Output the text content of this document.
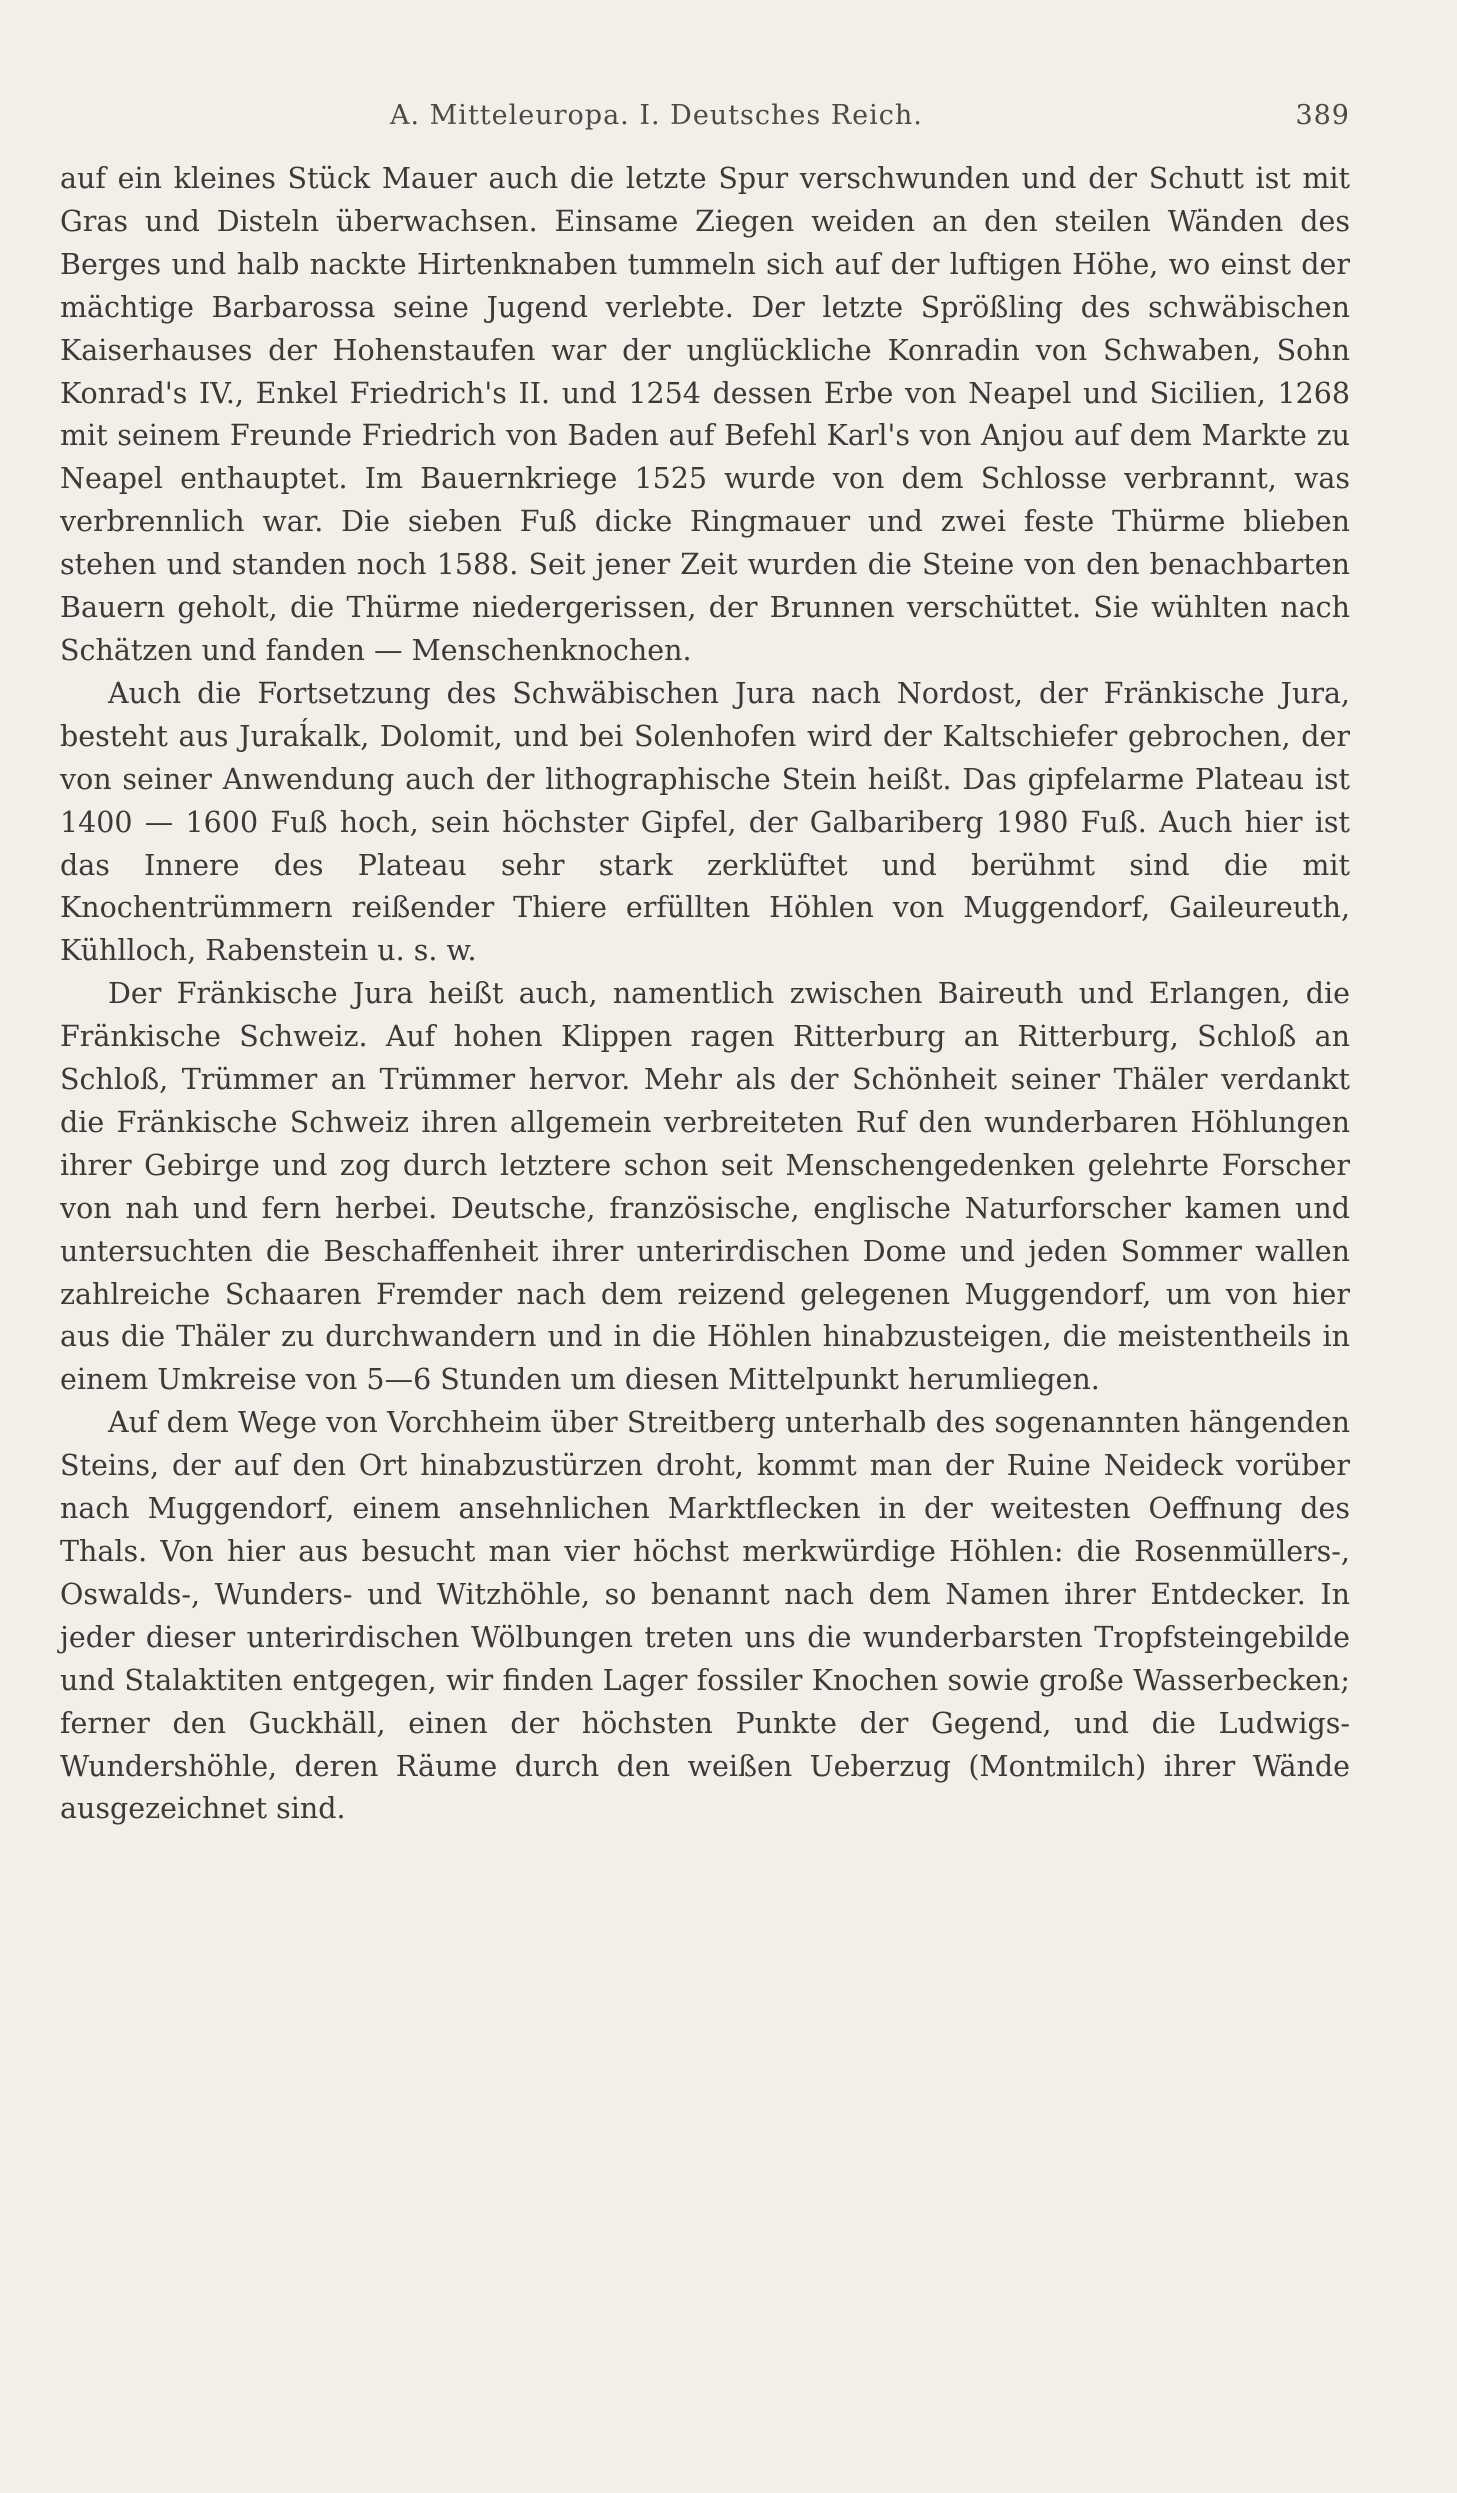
A. Mitteleuropa. I. Deutsches Reich.	389

auf ein kleines Stück Mauer auch die letzte Spur verschwunden und der Schutt ist mit Gras und Disteln überwachsen. Einsame Ziegen weiden an den steilen Wänden des Berges und halb nackte Hirtenknaben tummeln sich auf der luftigen Höhe, wo einst der mächtige Barbarossa seine Jugend verlebte. Der letzte Sprößling des schwäbischen Kaiserhauses der Hohenstaufen war der unglückliche Konradin von Schwaben, Sohn Konrad's IV., Enkel Friedrich's II. und 1254 dessen Erbe von Neapel und Sicilien, 1268 mit seinem Freunde Friedrich von Baden auf Befehl Karl's von Anjou auf dem Markte zu Neapel enthauptet. Im Bauernkriege 1525 wurde von dem Schlosse verbrannt, was verbrennlich war. Die sieben Fuß dicke Ringmauer und zwei feste Thürme blieben stehen und standen noch 1588. Seit jener Zeit wurden die Steine von den benachbarten Bauern geholt, die Thürme niedergerissen, der Brunnen verschüttet. Sie wühlten nach Schätzen und fanden — Menschenknochen.

Auch die Fortsetzung des Schwäbischen Jura nach Nordost, der Fränkische Jura, besteht aus Juraḱalk, Dolomit, und bei Solenhofen wird der Kaltschiefer gebrochen, der von seiner Anwendung auch der lithographische Stein heißt. Das gipfelarme Plateau ist 1400 — 1600 Fuß hoch, sein höchster Gipfel, der Galbariberg 1980 Fuß. Auch hier ist das Innere des Plateau sehr stark zerklüftet und berühmt sind die mit Knochentrümmern reißender Thiere erfüllten Höhlen von Muggendorf, Gaileureuth, Kühlloch, Rabenstein u. s. w.

Der Fränkische Jura heißt auch, namentlich zwischen Baireuth und Erlangen, die Fränkische Schweiz. Auf hohen Klippen ragen Ritterburg an Ritterburg, Schloß an Schloß, Trümmer an Trümmer hervor. Mehr als der Schönheit seiner Thäler verdankt die Fränkische Schweiz ihren allgemein verbreiteten Ruf den wunderbaren Höhlungen ihrer Gebirge und zog durch letztere schon seit Menschengedenken gelehrte Forscher von nah und fern herbei. Deutsche, französische, englische Naturforscher kamen und untersuchten die Beschaffenheit ihrer unterirdischen Dome und jeden Sommer wallen zahlreiche Schaaren Fremder nach dem reizend gelegenen Muggendorf, um von hier aus die Thäler zu durchwandern und in die Höhlen hinabzusteigen, die meistentheils in einem Umkreise von 5—6 Stunden um diesen Mittelpunkt herumliegen.

Auf dem Wege von Vorchheim über Streitberg unterhalb des sogenannten hängenden Steins, der auf den Ort hinabzustürzen droht, kommt man der Ruine Neideck vorüber nach Muggendorf, einem ansehnlichen Marktflecken in der weitesten Oeffnung des Thals. Von hier aus besucht man vier höchst merkwürdige Höhlen: die Rosenmüllers-, Oswalds-, Wunders- und Witzhöhle, so benannt nach dem Namen ihrer Entdecker. In jeder dieser unterirdischen Wölbungen treten uns die wunderbarsten Tropfsteingebilde und Stalaktiten entgegen, wir finden Lager fossiler Knochen sowie große Wasserbecken; ferner den Guckhäll, einen der höchsten Punkte der Gegend, und die Ludwigs-Wundershöhle, deren Räume durch den weißen Ueberzug (Montmilch) ihrer Wände ausgezeichnet sind.
